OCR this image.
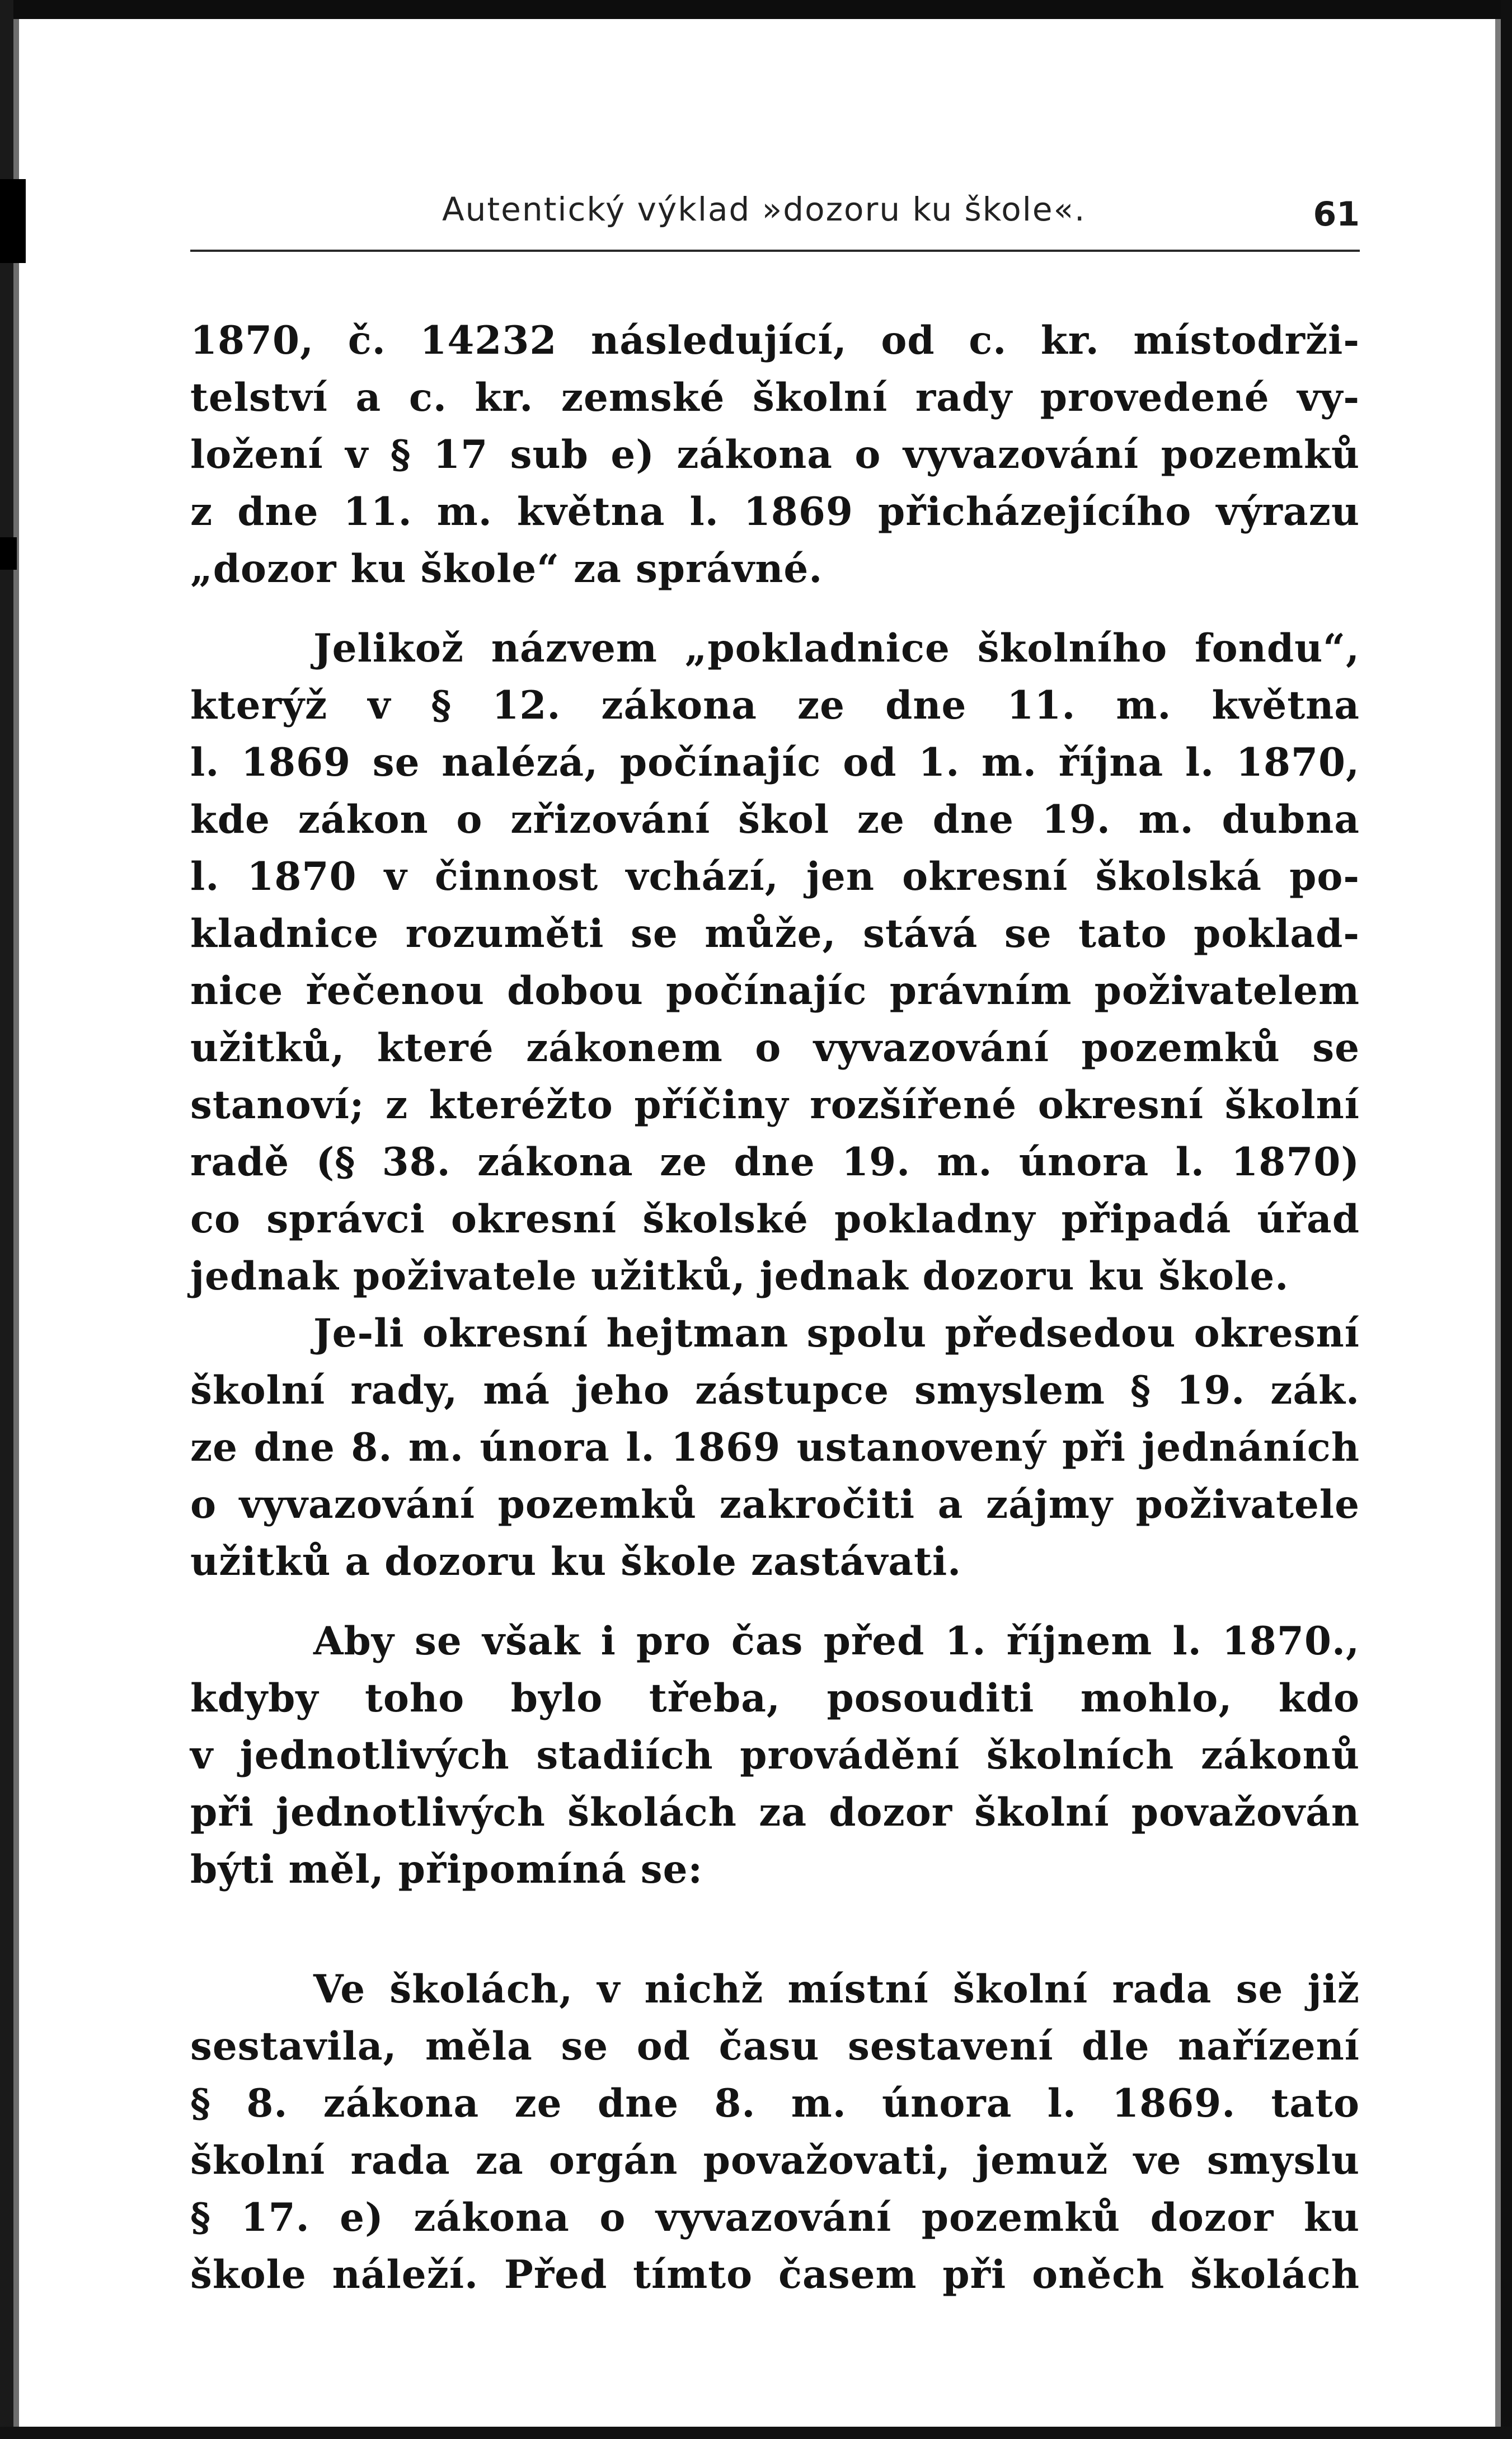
Autentický výklad »dozoru ku škole«.	61
1870, č. 14232 následující, od c. kr. místodrži-
telství a c. kr. zemské školní rady provedené vy-
ložení v § 17 sub e) zákona o vyvazování pozemků
z dne 11. m. května l. 1869 přicházejícího výrazu
„dozor ku škole“ za správné.
Jelikož názvem „pokladnice školního fondu“,
kterýž v § 12. zákona ze dne 11. m. května
l. 1869 se nalézá, počínajíc od 1. m. října l. 1870,
kde zákon o zřizování škol ze dne 19. m. dubna
l. 1870 v činnost vchází, jen okresní školská po-
kladnice rozuměti se může, stává se tato poklad-
nice řečenou dobou počínajíc právním poživatelem
užitků, které zákonem o vyvazování pozemků se
stanoví; z kteréžto příčiny rozšířené okresní školní
radě (§ 38. zákona ze dne 19. m. února l. 1870)
co správci okresní školské pokladny připadá úřad
jednak poživatele užitků, jednak dozoru ku škole.
Je-li okresní hejtman spolu předsedou okresní
školní rady, má jeho zástupce smyslem § 19. zák.
ze dne 8. m. února l. 1869 ustanovený při jednáních
o vyvazování pozemků zakročiti a zájmy poživatele
užitků a dozoru ku škole zastávati.
Aby se však i pro čas před 1. říjnem l. 1870.,
kdyby toho bylo třeba, posouditi mohlo, kdo
v jednotlivých stadiích provádění školních zákonů
při jednotlivých školách za dozor školní považován
býti měl, připomíná se:
Ve školách, v nichž místní školní rada se již
sestavila, měla se od času sestavení dle nařízení
§ 8. zákona ze dne 8. m. února l. 1869. tato
školní rada za orgán považovati, jemuž ve smyslu
§ 17. e) zákona o vyvazování pozemků dozor ku
škole náleží. Před tímto časem při oněch školách
